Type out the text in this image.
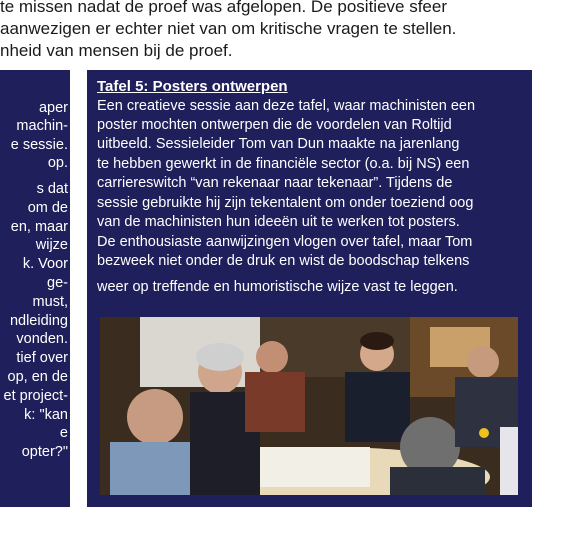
te missen nadat de proef was afgelopen. De positieve sfeer
aanwezigen er echter niet van om kritische vragen te stellen.
nheid van mensen bij de proef.
aper
machin-
e sessie.
op.
s dat
om de
en, maar
wijze
k. Voor
ge-
must,
ndleiding
vonden.
tief over
op, en de
et project-
k: "kan
e
opter?"
Tafel 5: Posters ontwerpen
Een creatieve sessie aan deze tafel, waar machinisten een
poster mochten ontwerpen die de voordelen van Roltijd
uitbeeld. Sessieleider Tom van Dun maakte na jarenlang
te hebben gewerkt in de financiële sector (o.a. bij NS) een
carriereswitch “van rekenaar naar tekenaar”. Tijdens de
sessie gebruikte hij zijn tekentalent om onder toeziend oog
van de machinisten hun ideeën uit te werken tot posters.
De enthousiaste aanwijzingen vlogen over tafel, maar Tom
bezweek niet onder de druk en wist de boodschap telkens
weer op treffende en humoristische wijze vast te leggen.
